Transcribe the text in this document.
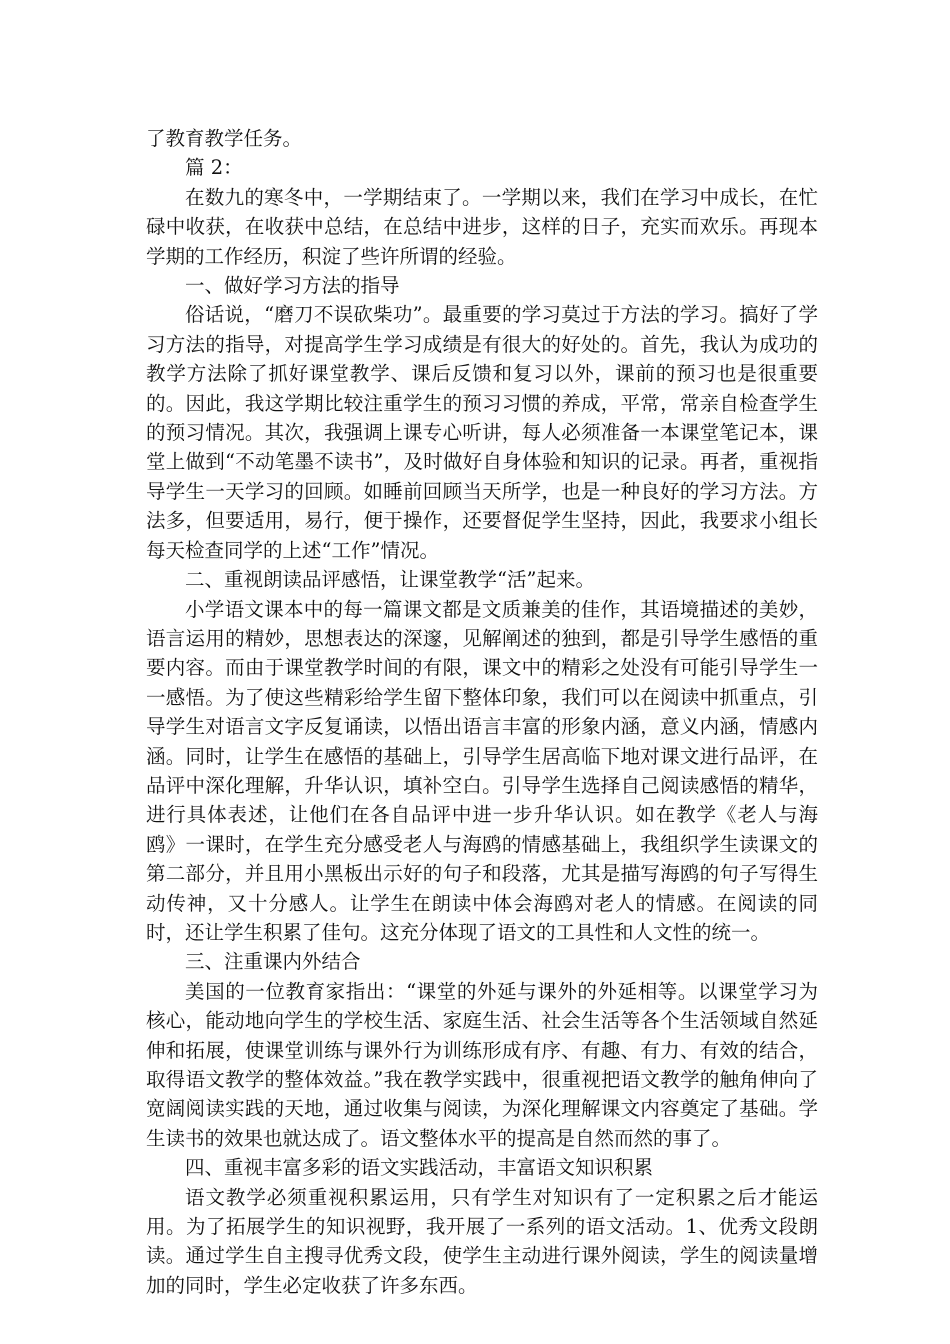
了教育教学任务。

篇 2：

在数九的寒冬中，一学期结束了。一学期以来，我们在学习中成长，在忙碌中收获，在收获中总结，在总结中进步，这样的日子，充实而欢乐。再现本学期的工作经历，积淀了些许所谓的经验。

一、做好学习方法的指导

俗话说，“磨刀不误砍柴功”。最重要的学习莫过于方法的学习。搞好了学习方法的指导，对提高学生学习成绩是有很大的好处的。首先，我认为成功的教学方法除了抓好课堂教学、课后反馈和复习以外，课前的预习也是很重要的。因此，我这学期比较注重学生的预习习惯的养成，平常，常亲自检查学生的预习情况。其次，我强调上课专心听讲，每人必须准备一本课堂笔记本，课堂上做到“不动笔墨不读书”，及时做好自身体验和知识的记录。再者，重视指导学生一天学习的回顾。如睡前回顾当天所学，也是一种良好的学习方法。方法多，但要适用，易行，便于操作，还要督促学生坚持，因此，我要求小组长每天检查同学的上述“工作”情况。

二、重视朗读品评感悟，让课堂教学“活”起来。

小学语文课本中的每一篇课文都是文质兼美的佳作，其语境描述的美妙，语言运用的精妙，思想表达的深邃，见解阐述的独到，都是引导学生感悟的重要内容。而由于课堂教学时间的有限，课文中的精彩之处没有可能引导学生一一感悟。为了使这些精彩给学生留下整体印象，我们可以在阅读中抓重点，引导学生对语言文字反复诵读，以悟出语言丰富的形象内涵，意义内涵，情感内涵。同时，让学生在感悟的基础上，引导学生居高临下地对课文进行品评，在品评中深化理解，升华认识，填补空白。引导学生选择自己阅读感悟的精华，进行具体表述，让他们在各自品评中进一步升华认识。如在教学《老人与海鸥》一课时，在学生充分感受老人与海鸥的情感基础上，我组织学生读课文的第二部分，并且用小黑板出示好的句子和段落，尤其是描写海鸥的句子写得生动传神，又十分感人。让学生在朗读中体会海鸥对老人的情感。在阅读的同时，还让学生积累了佳句。这充分体现了语文的工具性和人文性的统一。

三、注重课内外结合

美国的一位教育家指出：“课堂的外延与课外的外延相等。以课堂学习为核心，能动地向学生的学校生活、家庭生活、社会生活等各个生活领域自然延伸和拓展，使课堂训练与课外行为训练形成有序、有趣、有力、有效的结合，取得语文教学的整体效益。”我在教学实践中，很重视把语文教学的触角伸向了宽阔阅读实践的天地，通过收集与阅读，为深化理解课文内容奠定了基础。学生读书的效果也就达成了。语文整体水平的提高是自然而然的事了。

四、重视丰富多彩的语文实践活动，丰富语文知识积累

语文教学必须重视积累运用，只有学生对知识有了一定积累之后才能运用。为了拓展学生的知识视野，我开展了一系列的语文活动。1、优秀文段朗读。通过学生自主搜寻优秀文段，使学生主动进行课外阅读，学生的阅读量增加的同时，学生必定收获了许多东西。
